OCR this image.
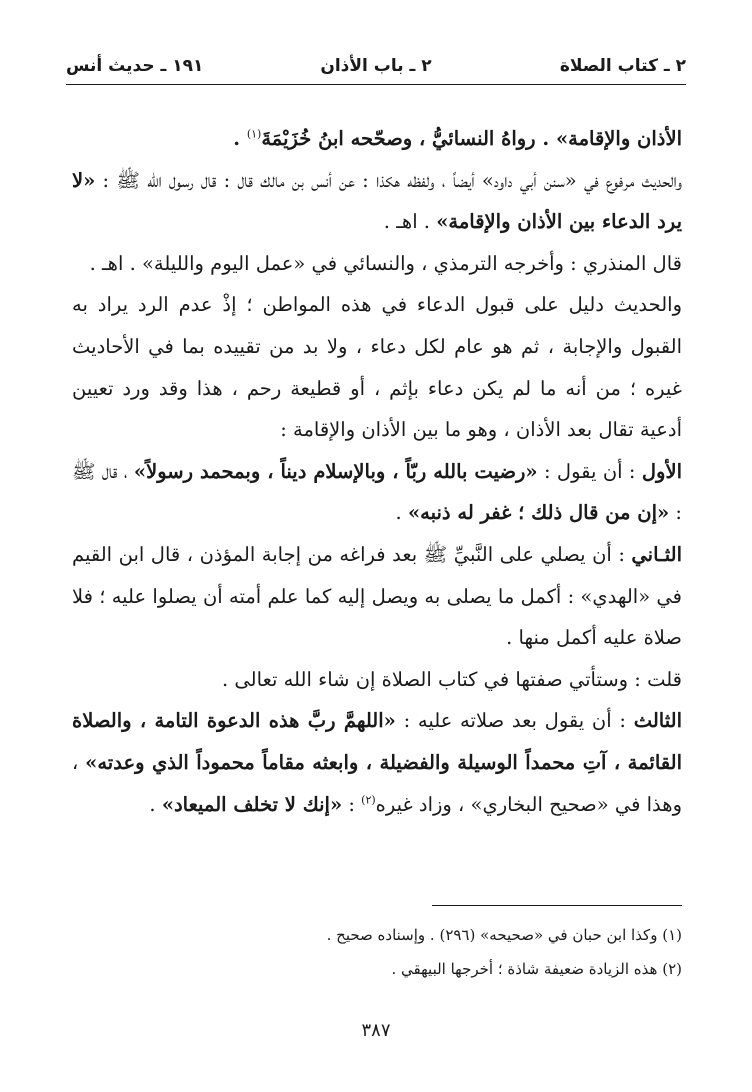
٢ ـ كتاب الصلاة
٢ ـ باب الأذان
١٩١ ـ حديث أنس

الأذان والإقامة» . رواهُ النسائيُّ ، وصحّحه ابنُ خُزَيْمَةَ$^{(١)}$ .

والحديث مرفوع في «سنن أبي داود» أيضاً ، ولفظه هكذا : عن أنس بن مالك قال : قال رسول الله ﷺ : «لا يرد الدعاء بين الأذان والإقامة» . اهـ .

قال المنذري : وأخرجه الترمذي ، والنسائي في «عمل اليوم والليلة» . اهـ .

والحديث دليل على قبول الدعاء في هذه المواطن ؛ إذْ عدم الرد يراد به القبول والإجابة ، ثم هو عام لكل دعاء ، ولا بد من تقييده بما في الأحاديث غيره ؛ من أنه ما لم يكن دعاء بإثم ، أو قطيعة رحم ، هذا وقد ورد تعيين أدعية تقال بعد الأذان ، وهو ما بين الأذان والإقامة :

الأول : أن يقول : «رضيت بالله ربّاً ، وبالإسلام ديناً ، وبمحمد رسولاً» ، قال ﷺ : «إن من قال ذلك ؛ غفر له ذنبه» .

الثـاني : أن يصلي على النَّبيِّ ﷺ بعد فراغه من إجابة المؤذن ، قال ابن القيم في «الهدي» : أكمل ما يصلى به ويصل إليه كما علم أمته أن يصلوا عليه ؛ فلا صلاة عليه أكمل منها .

قلت : وستأتي صفتها في كتاب الصلاة إن شاء الله تعالى .

الثالث : أن يقول بعد صلاته عليه : «اللهمَّ ربَّ هذه الدعوة التامة ، والصلاة القائمة ، آتِ محمداً الوسيلة والفضيلة ، وابعثه مقاماً محموداً الذي وعدته» ، وهذا في «صحيح البخاري» ، وزاد غيره$^{(٢)}$ : «إنك لا تخلف الميعاد» .

(١) وكذا ابن حبان في «صحيحه» (٢٩٦) . وإسناده صحيح .
(٢) هذه الزيادة ضعيفة شاذة ؛ أخرجها البيهقي .
٣٨٧
